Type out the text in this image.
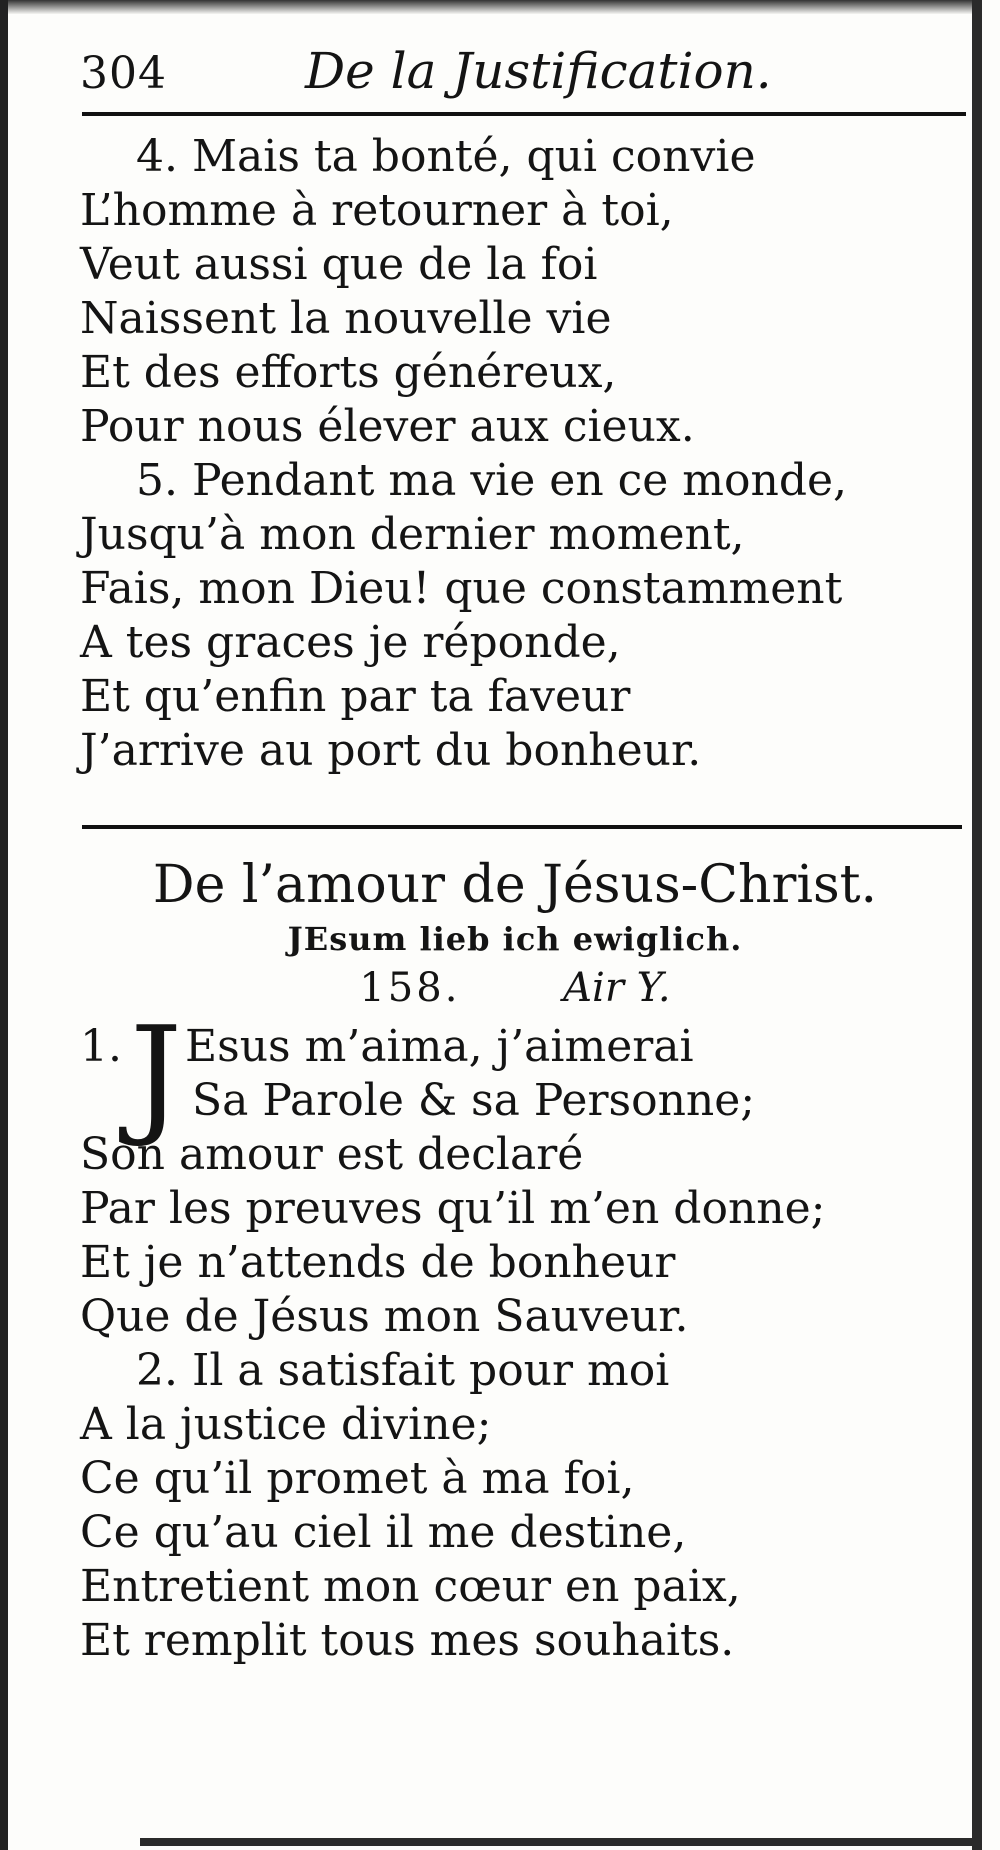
304	De la Justification.
4. Mais ta bonté, qui convie
L’homme à retourner à toi,
Veut aussi que de la foi
Naissent la nouvelle vie
Et des efforts généreux,
Pour nous élever aux cieux.
5. Pendant ma vie en ce monde,
Jusqu’à mon dernier moment,
Fais, mon Dieu! que constamment
A tes graces je réponde,
Et qu’enfin par ta faveur
J’arrive au port du bonheur.
De l’amour de Jésus-Christ.
JEsum lieb ich ewiglich.
158.	Air Y.
1. J Esus m’aima, j’aimerai
Sa Parole & sa Personne;
Son amour est declaré
Par les preuves qu’il m’en donne;
Et je n’attends de bonheur
Que de Jésus mon Sauveur.
2. Il a satisfait pour moi
A la justice divine;
Ce qu’il promet à ma foi,
Ce qu’au ciel il me destine,
Entretient mon cœur en paix,
Et remplit tous mes souhaits.
